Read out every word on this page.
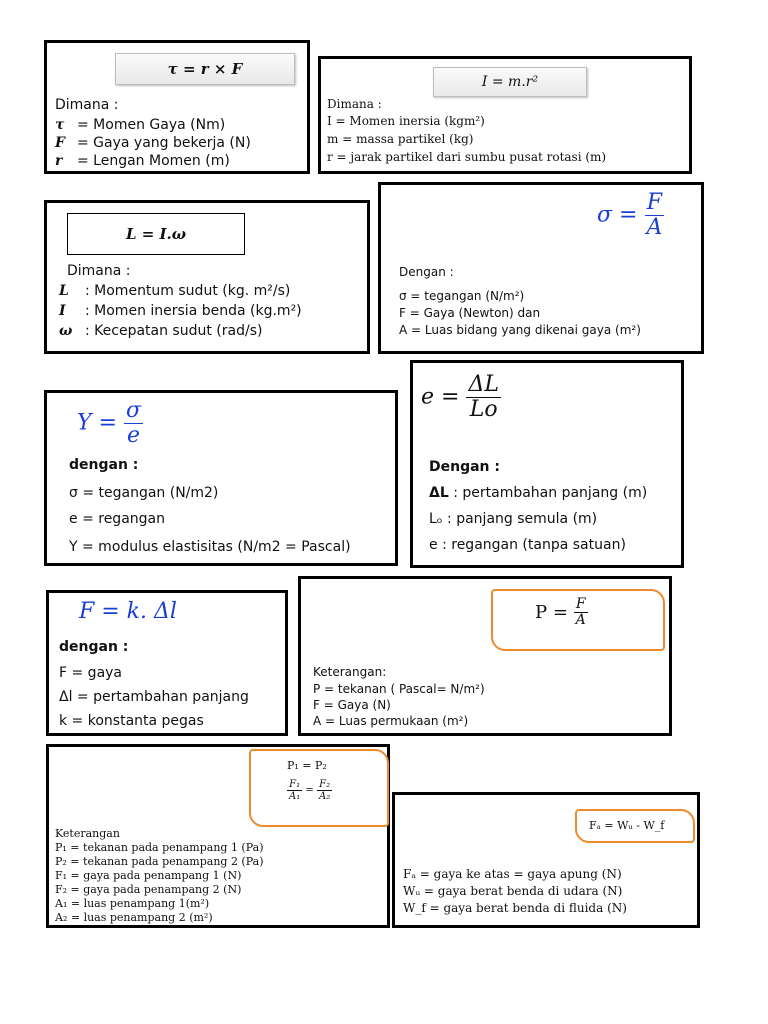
τ = r × F
Dimana :
τ = Momen Gaya (Nm)
F = Gaya yang bekerja (N)
r = Lengan Momen (m)
I = m.r²
Dimana :
I = Momen inersia (kgm²)
m = massa partikel (kg)
r = jarak partikel dari sumbu pusat rotasi (m)
L = I.ω
Dimana :
L : Momentum sudut (kg. m²/s)
I : Momen inersia benda (kg.m²)
ω : Kecepatan sudut (rad/s)
$\sigma = \frac{F}{A}$
Dengan :
σ = tegangan (N/m²)
F = Gaya (Newton) dan
A = Luas bidang yang dikenai gaya (m²)
$Y = \frac{\sigma}{e}$
dengan :
σ = tegangan (N/m2)
e = regangan
Y = modulus elastisitas (N/m2 = Pascal)
$e = \frac{\Delta L}{Lo}$
Dengan :
ΔL : pertambahan panjang (m)
Lₒ : panjang semula (m)
e : regangan (tanpa satuan)
F = k. Δl
dengan :
F = gaya
Δl = pertambahan panjang
k = konstanta pegas
$P = \frac{F}{A}$
Keterangan:
P = tekanan ( Pascal= N/m²)
F = Gaya (N)
A = Luas permukaan (m²)
P₁ = P₂
$\frac{\text{F₁}}{\text{A₁}} = \frac{\text{F₂}}{\text{A₂}}$
Keterangan
P₁ = tekanan pada penampang 1 (Pa)
P₂ = tekanan pada penampang 2 (Pa)
F₁ = gaya pada penampang 1 (N)
F₂ = gaya pada penampang 2 (N)
A₁ = luas penampang 1(m²)
A₂ = luas penampang 2 (m²)
Fₐ = Wᵤ - W_f
Fₐ = gaya ke atas = gaya apung (N)
Wᵤ = gaya berat benda di udara (N)
W_f = gaya berat benda di fluida (N)
